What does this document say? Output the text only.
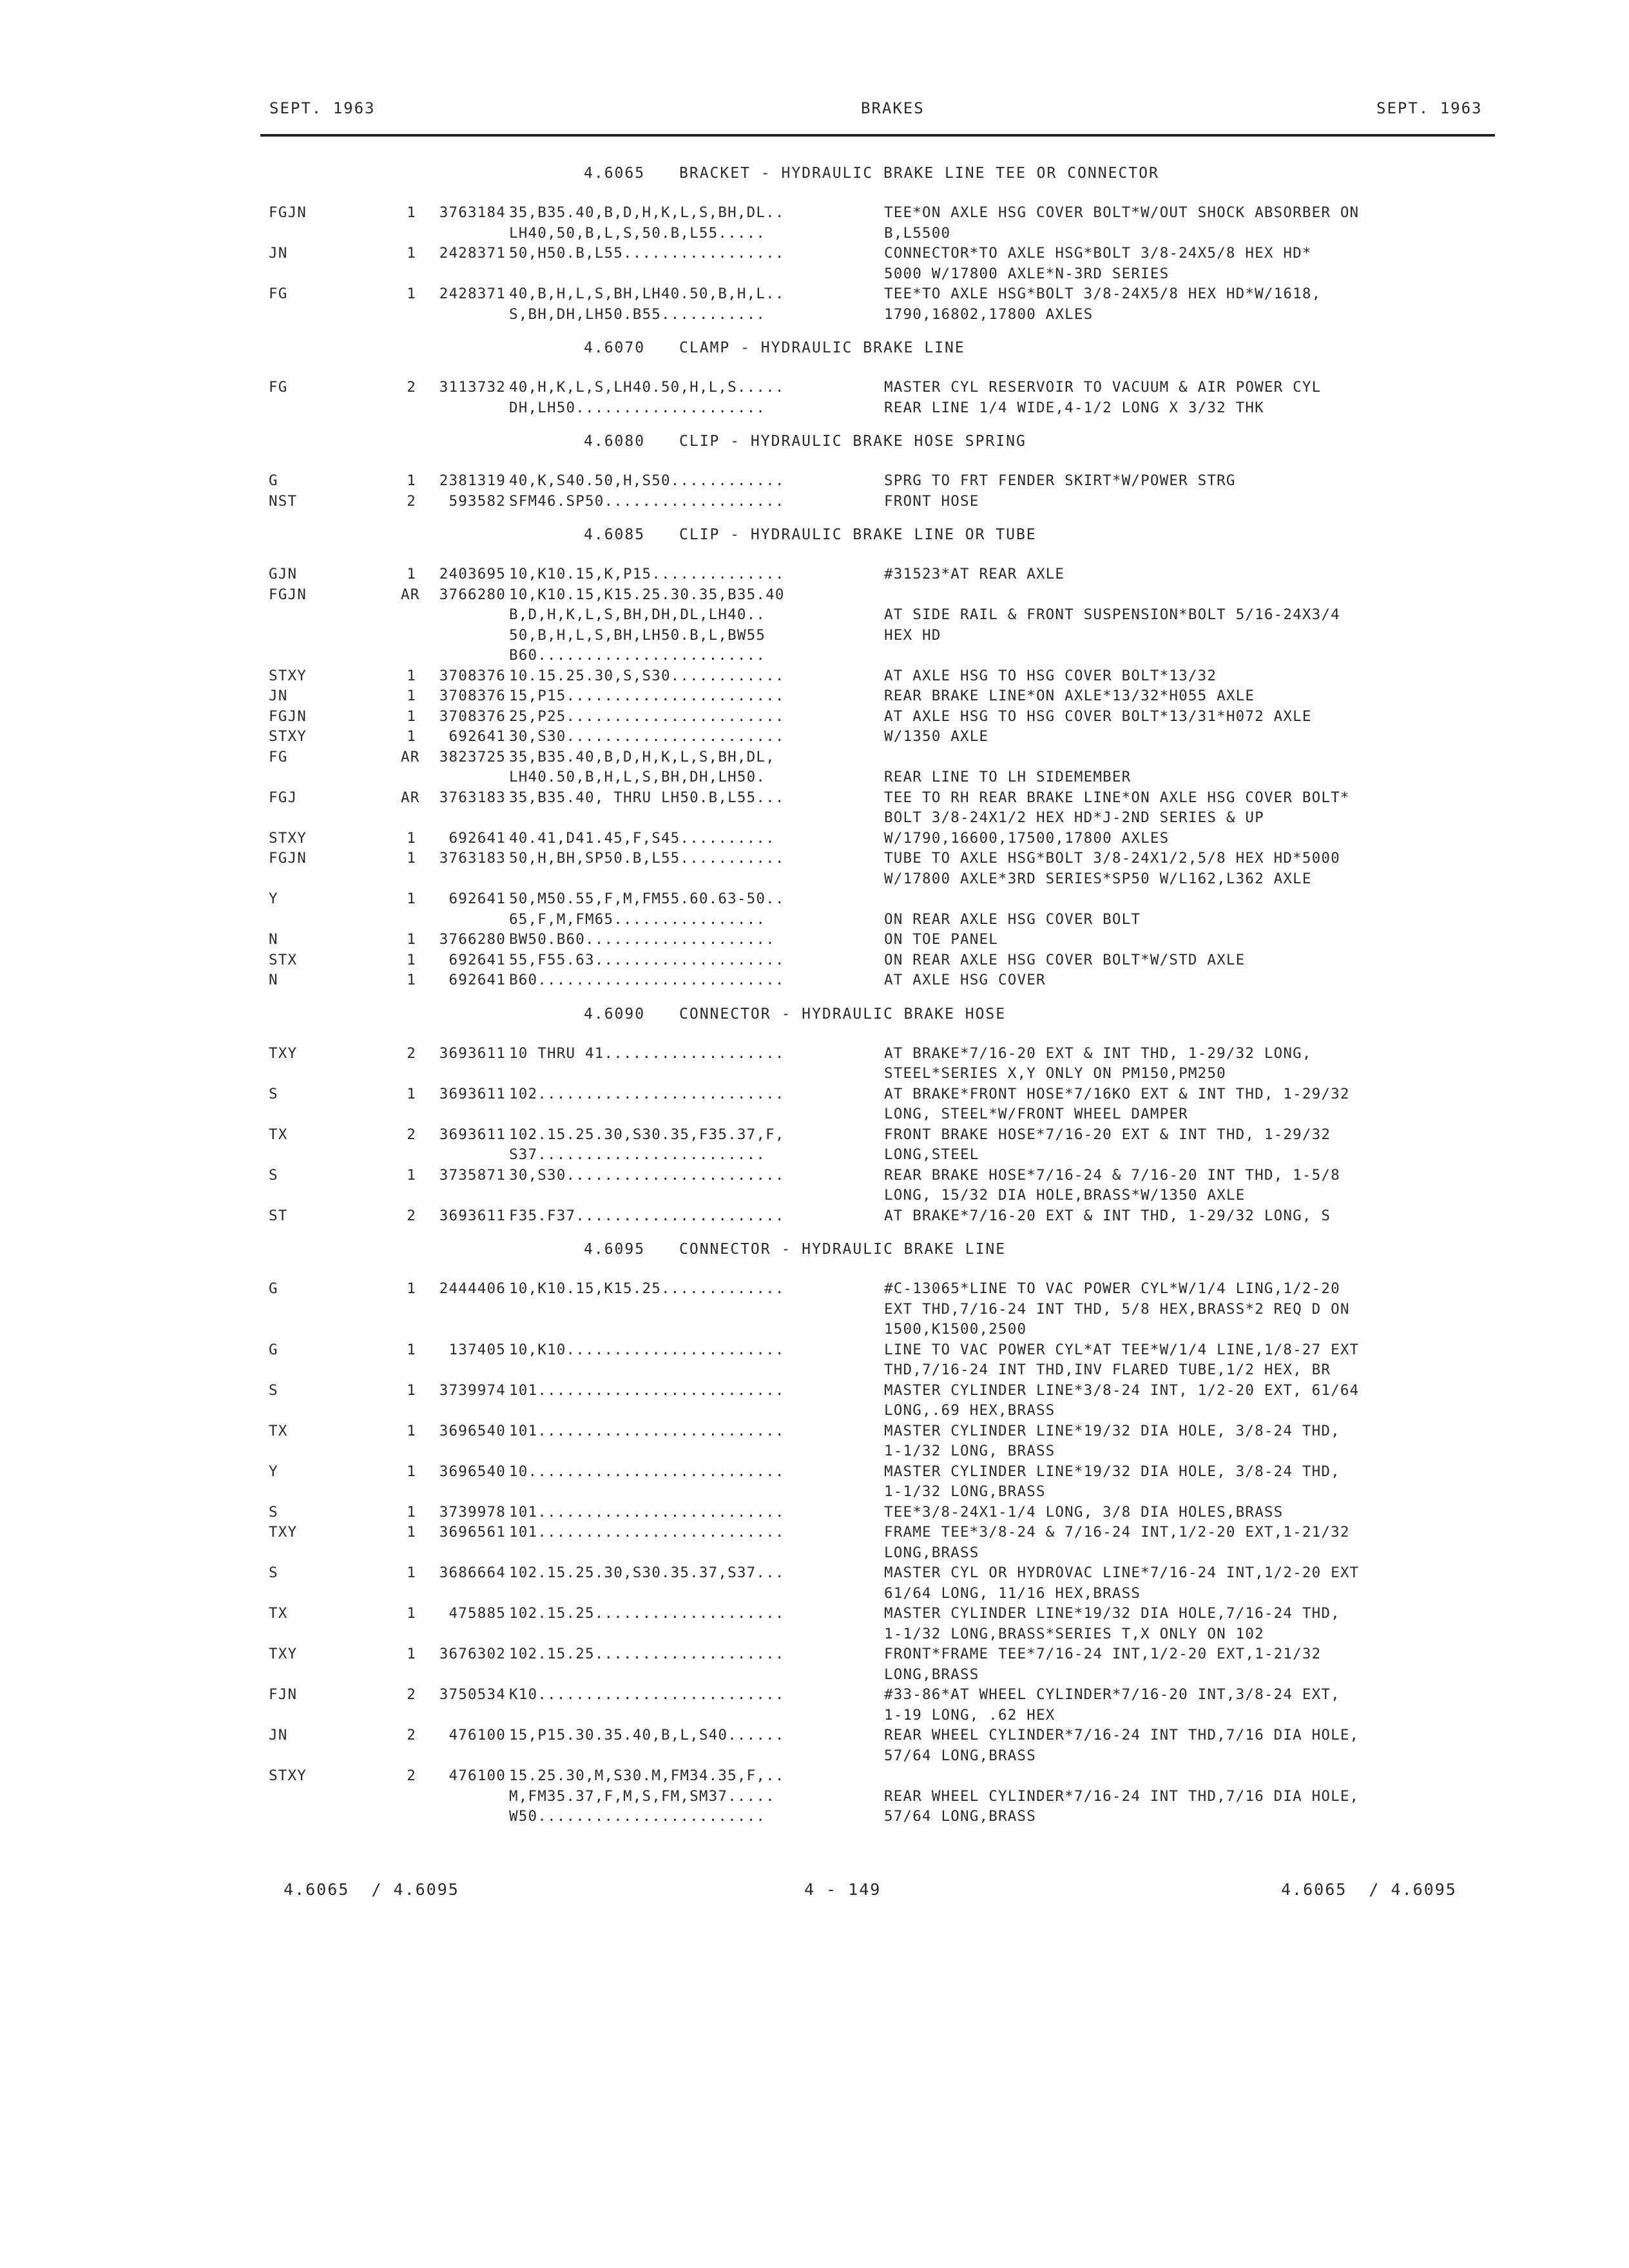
SEPT. 1963	BRAKES	SEPT. 1963
4.6065 BRACKET - HYDRAULIC BRAKE LINE TEE OR CONNECTOR
FGJN	1	3763184 35,B35.40,B,D,H,K,L,S,BH,DL..	TEE*ON AXLE HSG COVER BOLT*W/OUT SHOCK ABSORBER ON
LH40,50,B,L,S,50.B,L55.....	B,L5500
JN	1	2428371 50,H50.B,L55.................	CONNECTOR*TO AXLE HSG*BOLT 3/8-24X5/8 HEX HD*
5000 W/17800 AXLE*N-3RD SERIES
FG	1	2428371 40,B,H,L,S,BH,LH40.50,B,H,L..	TEE*TO AXLE HSG*BOLT 3/8-24X5/8 HEX HD*W/1618,
S,BH,DH,LH50.B55...........	1790,16802,17800 AXLES
4.6070 CLAMP - HYDRAULIC BRAKE LINE
FG	2	3113732 40,H,K,L,S,LH40.50,H,L,S.....	MASTER CYL RESERVOIR TO VACUUM & AIR POWER CYL
DH,LH50....................	REAR LINE 1/4 WIDE,4-1/2 LONG X 3/32 THK
4.6080 CLIP - HYDRAULIC BRAKE HOSE SPRING
G	1	2381319 40,K,S40.50,H,S50............	SPRG TO FRT FENDER SKIRT*W/POWER STRG
NST	2	593582 SFM46.SP50...................	FRONT HOSE
4.6085 CLIP - HYDRAULIC BRAKE LINE OR TUBE
GJN	1	2403695 10,K10.15,K,P15..............	#31523*AT REAR AXLE
FGJN	AR	3766280 10,K10.15,K15.25.30.35,B35.40
B,D,H,K,L,S,BH,DH,DL,LH40..	AT SIDE RAIL & FRONT SUSPENSION*BOLT 5/16-24X3/4
50,B,H,L,S,BH,LH50.B,L,BW55	HEX HD
B60........................
STXY	1	3708376 10.15.25.30,S,S30............	AT AXLE HSG TO HSG COVER BOLT*13/32
JN	1	3708376 15,P15.......................	REAR BRAKE LINE*ON AXLE*13/32*H055 AXLE
FGJN	1	3708376 25,P25.......................	AT AXLE HSG TO HSG COVER BOLT*13/31*H072 AXLE
STXY	1	692641 30,S30.......................	W/1350 AXLE
FG	AR	3823725 35,B35.40,B,D,H,K,L,S,BH,DL,
LH40.50,B,H,L,S,BH,DH,LH50.	REAR LINE TO LH SIDEMEMBER
FGJ	AR	3763183 35,B35.40, THRU LH50.B,L55...	TEE TO RH REAR BRAKE LINE*ON AXLE HSG COVER BOLT*
BOLT 3/8-24X1/2 HEX HD*J-2ND SERIES & UP
STXY	1	692641 40.41,D41.45,F,S45..........	W/1790,16600,17500,17800 AXLES
FGJN	1	3763183 50,H,BH,SP50.B,L55...........	TUBE TO AXLE HSG*BOLT 3/8-24X1/2,5/8 HEX HD*5000
W/17800 AXLE*3RD SERIES*SP50 W/L162,L362 AXLE
Y	1	692641 50,M50.55,F,M,FM55.60.63-50..
65,F,M,FM65................	ON REAR AXLE HSG COVER BOLT
N	1	3766280 BW50.B60....................	ON TOE PANEL
STX	1	692641 55,F55.63....................	ON REAR AXLE HSG COVER BOLT*W/STD AXLE
N	1	692641 B60..........................	AT AXLE HSG COVER
4.6090 CONNECTOR - HYDRAULIC BRAKE HOSE
TXY	2	3693611 10 THRU 41...................	AT BRAKE*7/16-20 EXT & INT THD, 1-29/32 LONG,
STEEL*SERIES X,Y ONLY ON PM150,PM250
S	1	3693611 102..........................	AT BRAKE*FRONT HOSE*7/16KO EXT & INT THD, 1-29/32
LONG, STEEL*W/FRONT WHEEL DAMPER
TX	2	3693611 102.15.25.30,S30.35,F35.37,F,	FRONT BRAKE HOSE*7/16-20 EXT & INT THD, 1-29/32
S37........................	LONG,STEEL
S	1	3735871 30,S30.......................	REAR BRAKE HOSE*7/16-24 & 7/16-20 INT THD, 1-5/8
LONG, 15/32 DIA HOLE,BRASS*W/1350 AXLE
ST	2	3693611 F35.F37......................	AT BRAKE*7/16-20 EXT & INT THD, 1-29/32 LONG, S
4.6095 CONNECTOR - HYDRAULIC BRAKE LINE
G	1	2444406 10,K10.15,K15.25.............	#C-13065*LINE TO VAC POWER CYL*W/1/4 LING,1/2-20
EXT THD,7/16-24 INT THD, 5/8 HEX,BRASS*2 REQ D ON
1500,K1500,2500
G	1	137405 10,K10.......................	LINE TO VAC POWER CYL*AT TEE*W/1/4 LINE,1/8-27 EXT
THD,7/16-24 INT THD,INV FLARED TUBE,1/2 HEX, BR
S	1	3739974 101..........................	MASTER CYLINDER LINE*3/8-24 INT, 1/2-20 EXT, 61/64
LONG,.69 HEX,BRASS
TX	1	3696540 101..........................	MASTER CYLINDER LINE*19/32 DIA HOLE, 3/8-24 THD,
1-1/32 LONG, BRASS
Y	1	3696540 10...........................	MASTER CYLINDER LINE*19/32 DIA HOLE, 3/8-24 THD,
1-1/32 LONG,BRASS
S	1	3739978 101..........................	TEE*3/8-24X1-1/4 LONG, 3/8 DIA HOLES,BRASS
TXY	1	3696561 101..........................	FRAME TEE*3/8-24 & 7/16-24 INT,1/2-20 EXT,1-21/32
LONG,BRASS
S	1	3686664 102.15.25.30,S30.35.37,S37...	MASTER CYL OR HYDROVAC LINE*7/16-24 INT,1/2-20 EXT
61/64 LONG, 11/16 HEX,BRASS
TX	1	475885 102.15.25....................	MASTER CYLINDER LINE*19/32 DIA HOLE,7/16-24 THD,
1-1/32 LONG,BRASS*SERIES T,X ONLY ON 102
TXY	1	3676302 102.15.25....................	FRONT*FRAME TEE*7/16-24 INT,1/2-20 EXT,1-21/32
LONG,BRASS
FJN	2	3750534 K10..........................	#33-86*AT WHEEL CYLINDER*7/16-20 INT,3/8-24 EXT,
1-19 LONG, .62 HEX
JN	2	476100 15,P15.30.35.40,B,L,S40......	REAR WHEEL CYLINDER*7/16-24 INT THD,7/16 DIA HOLE,
57/64 LONG,BRASS
STXY	2	476100 15.25.30,M,S30.M,FM34.35,F,..
M,FM35.37,F,M,S,FM,SM37.....	REAR WHEEL CYLINDER*7/16-24 INT THD,7/16 DIA HOLE,
W50........................	57/64 LONG,BRASS
4.6065  / 4.6095	4 - 149	4.6065  / 4.6095
